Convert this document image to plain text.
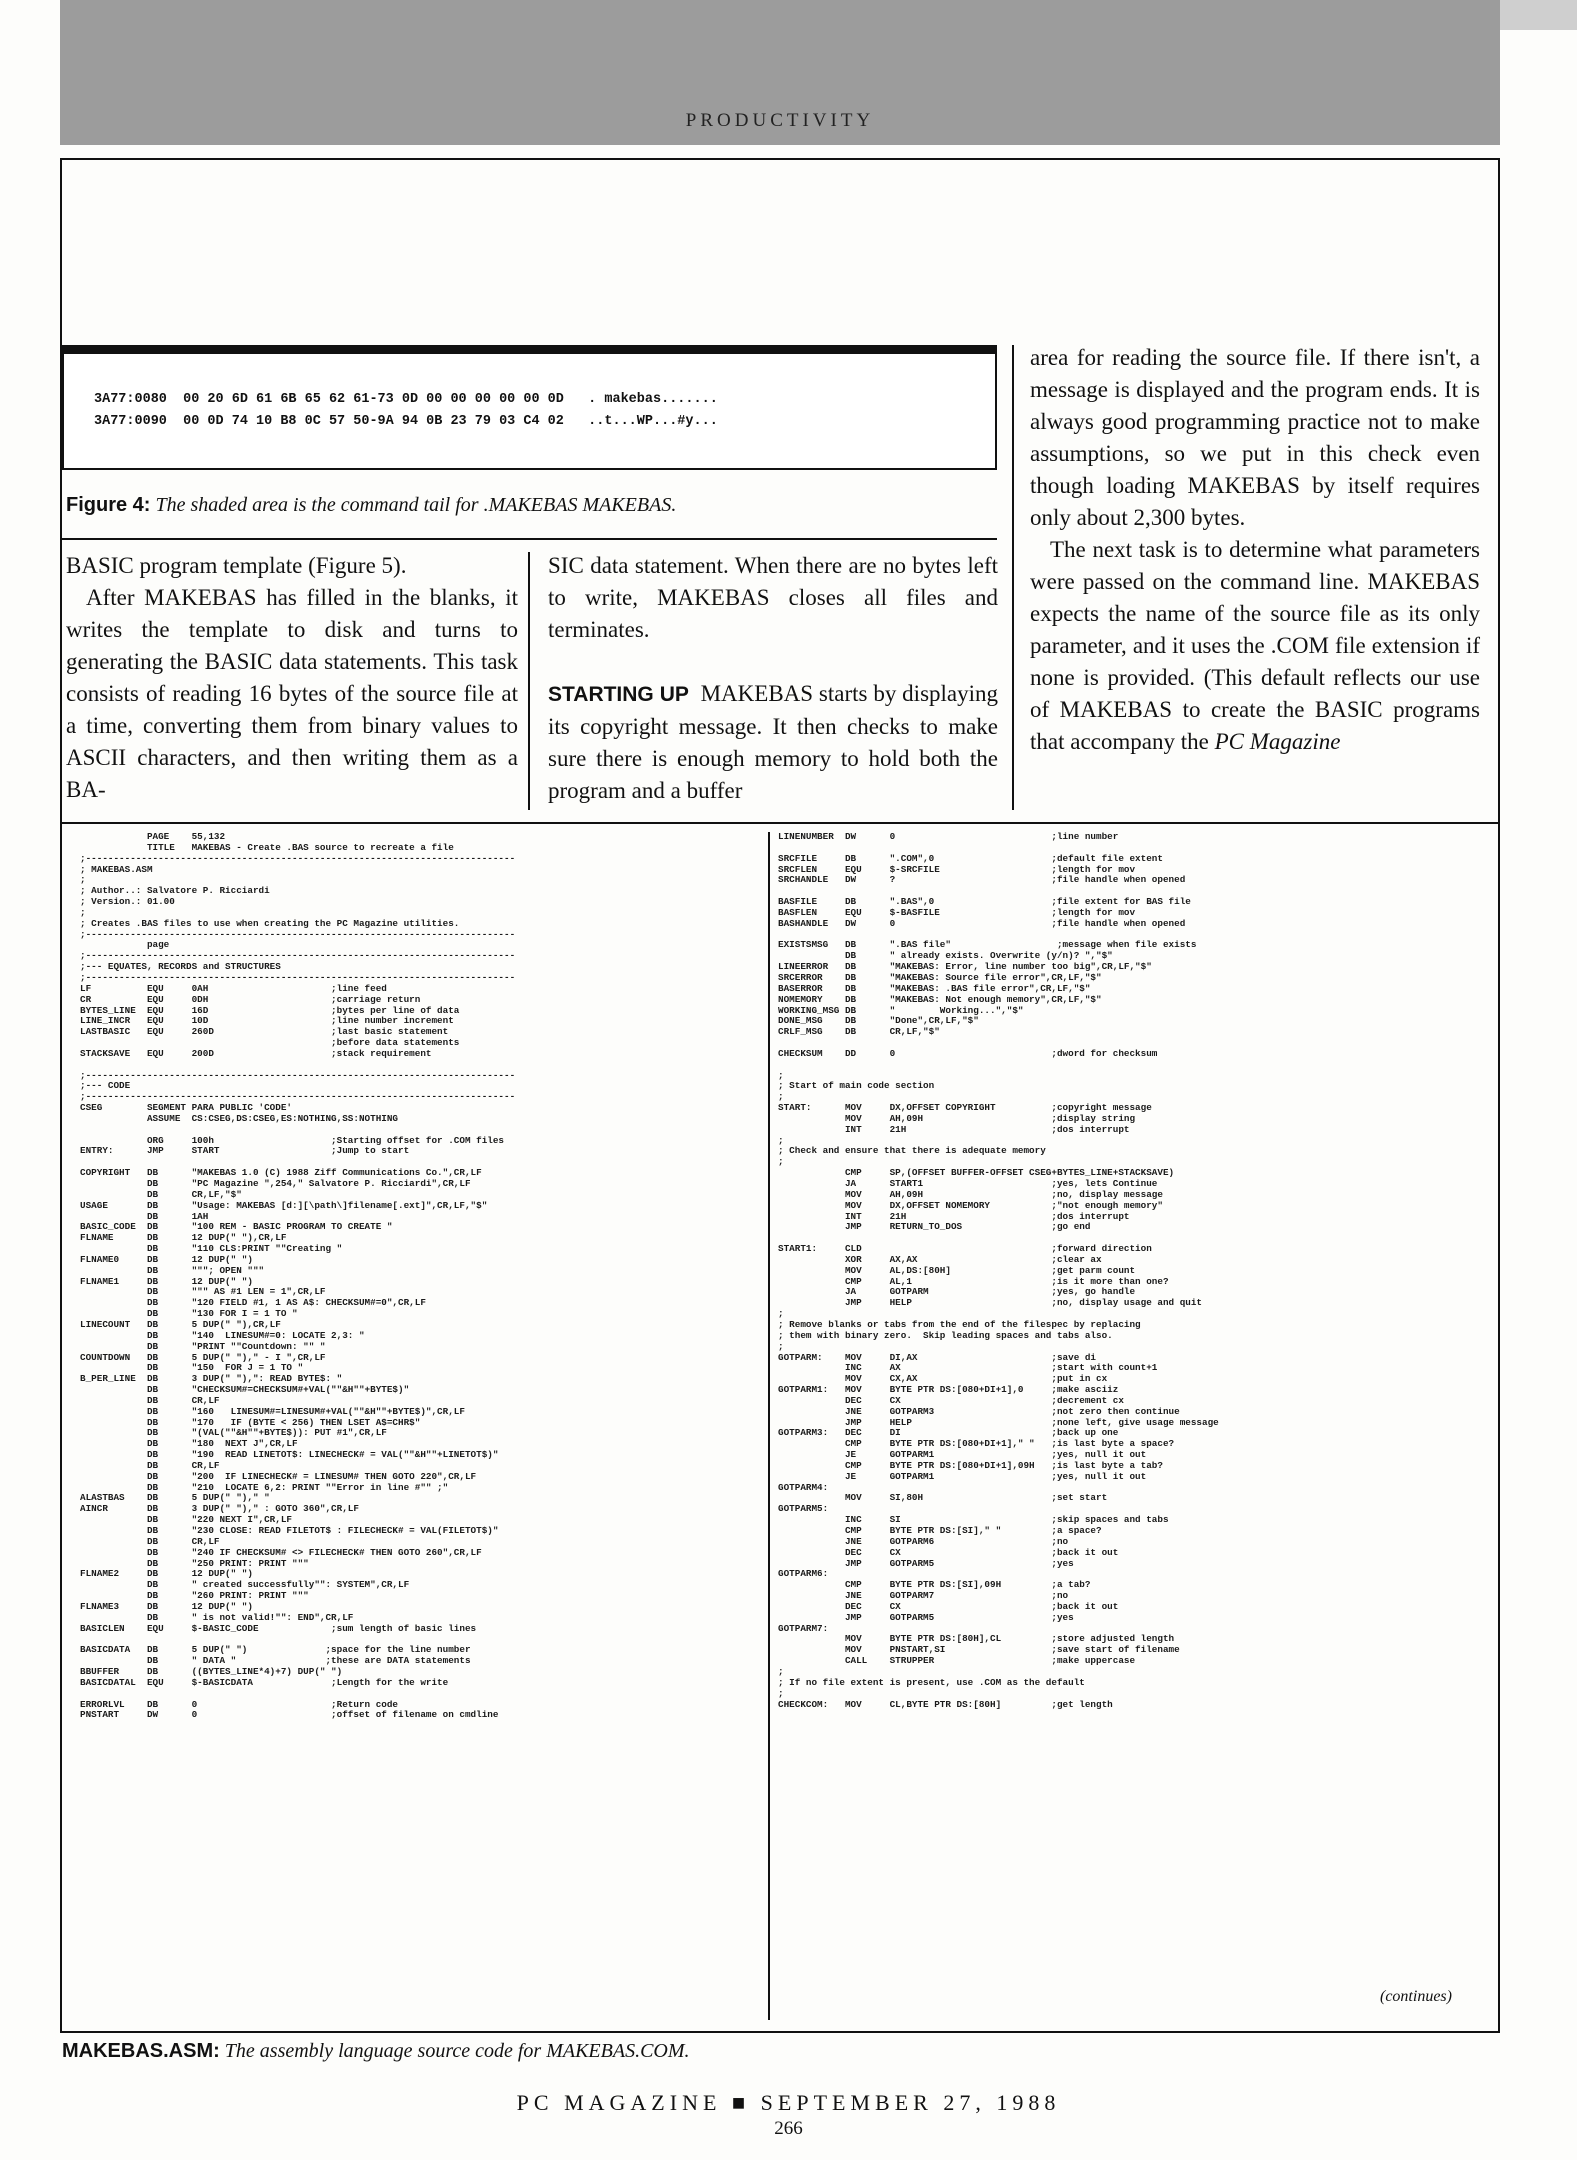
PRODUCTIVITY
3A77:0080  00 20 6D 61 6B 65 62 61-73 0D 00 00 00 00 00 0D   . makebas.......
3A77:0090  00 0D 74 10 B8 0C 57 50-9A 94 0B 23 79 03 C4 02   ..t...WP...#y...
Figure 4: The shaded area is the command tail for .MAKEBAS MAKEBAS.

BASIC program template (Figure 5).

After MAKEBAS has filled in the blanks, it writes the template to disk and turns to generating the BASIC data statements. This task consists of reading 16 bytes of the source file at a time, converting them from binary values to ASCII characters, and then writing them as a BA-

SIC data statement. When there are no bytes left to write, MAKEBAS closes all files and terminates.

STARTING UP MAKEBAS starts by displaying its copyright message. It then checks to make sure there is enough memory to hold both the program and a buffer

area for reading the source file. If there isn't, a message is displayed and the program ends. It is always good programming practice not to make assumptions, so we put in this check even though loading MAKEBAS by itself requires only about 2,300 bytes.

The next task is to determine what parameters were passed on the command line. MAKEBAS expects the name of the source file as its only parameter, and it uses the .COM file extension if none is provided. (This default reflects our use of MAKEBAS to create the BASIC programs that accompany the PC Magazine

PAGE    55,132
TITLE   MAKEBAS - Create .BAS source to recreate a file
;-----------------------------------------------------------------------------
; MAKEBAS.ASM
;
; Author..: Salvatore P. Ricciardi
; Version.: 01.00
;
; Creates .BAS files to use when creating the PC Magazine utilities.
;-----------------------------------------------------------------------------
page
;-----------------------------------------------------------------------------
;--- EQUATES, RECORDS and STRUCTURES
;-----------------------------------------------------------------------------
LF          EQU     0AH                      ;line feed
CR          EQU     0DH                      ;carriage return
BYTES_LINE  EQU     16D                      ;bytes per line of data
LINE_INCR   EQU     10D                      ;line number increment
LASTBASIC   EQU     260D                     ;last basic statement
;before data statements
STACKSAVE   EQU     200D                     ;stack requirement

;-----------------------------------------------------------------------------
;--- CODE
;-----------------------------------------------------------------------------
CSEG        SEGMENT PARA PUBLIC 'CODE'
ASSUME  CS:CSEG,DS:CSEG,ES:NOTHING,SS:NOTHING

ORG     100h                     ;Starting offset for .COM files
ENTRY:      JMP     START                    ;Jump to start

COPYRIGHT   DB      "MAKEBAS 1.0 (C) 1988 Ziff Communications Co.",CR,LF
DB      "PC Magazine ",254," Salvatore P. Ricciardi",CR,LF
DB      CR,LF,"$"
USAGE       DB      "Usage: MAKEBAS [d:][\path\]filename[.ext]",CR,LF,"$"
DB      1AH
BASIC_CODE  DB      "100 REM - BASIC PROGRAM TO CREATE "
FLNAME      DB      12 DUP(" "),CR,LF
DB      "110 CLS:PRINT ""Creating "
FLNAME0     DB      12 DUP(" ")
DB      """; OPEN """
FLNAME1     DB      12 DUP(" ")
DB      """ AS #1 LEN = 1",CR,LF
DB      "120 FIELD #1, 1 AS A$: CHECKSUM#=0",CR,LF
DB      "130 FOR I = 1 TO "
LINECOUNT   DB      5 DUP(" "),CR,LF
DB      "140  LINESUM#=0: LOCATE 2,3: "
DB      "PRINT ""Countdown: "" "
COUNTDOWN   DB      5 DUP(" ")," - I ",CR,LF
DB      "150  FOR J = 1 TO "
B_PER_LINE  DB      3 DUP(" "),": READ BYTE$: "
DB      "CHECKSUM#=CHECKSUM#+VAL(""&H""+BYTE$)"
DB      CR,LF
DB      "160   LINESUM#=LINESUM#+VAL(""&H""+BYTE$)",CR,LF
DB      "170   IF (BYTE < 256) THEN LSET A$=CHR$"
DB      "(VAL(""&H""+BYTE$)): PUT #1",CR,LF
DB      "180  NEXT J",CR,LF
DB      "190  READ LINETOT$: LINECHECK# = VAL(""&H""+LINETOT$)"
DB      CR,LF
DB      "200  IF LINECHECK# = LINESUM# THEN GOTO 220",CR,LF
DB      "210  LOCATE 6,2: PRINT ""Error in line #"" ;"
ALASTBAS    DB      5 DUP(" ")," "
AINCR       DB      3 DUP(" ")," : GOTO 360",CR,LF
DB      "220 NEXT I",CR,LF
DB      "230 CLOSE: READ FILETOT$ : FILECHECK# = VAL(FILETOT$)"
DB      CR,LF
DB      "240 IF CHECKSUM# <> FILECHECK# THEN GOTO 260",CR,LF
DB      "250 PRINT: PRINT """
FLNAME2     DB      12 DUP(" ")
DB      " created successfully"": SYSTEM",CR,LF
DB      "260 PRINT: PRINT """
FLNAME3     DB      12 DUP(" ")
DB      " is not valid!"": END",CR,LF
BASICLEN    EQU     $-BASIC_CODE             ;sum length of basic lines

BASICDATA   DB      5 DUP(" ")              ;space for the line number
DB      " DATA "                ;these are DATA statements
BBUFFER     DB      ((BYTES_LINE*4)+7) DUP(" ")
BASICDATAL  EQU     $-BASICDATA              ;Length for the write

ERRORLVL    DB      0                        ;Return code
PNSTART     DW      0                        ;offset of filename on cmdline
LINENUMBER  DW      0                            ;line number

SRCFILE     DB      ".COM",0                     ;default file extent
SRCFLEN     EQU     $-SRCFILE                    ;length for mov
SRCHANDLE   DW      ?                            ;file handle when opened

BASFILE     DB      ".BAS",0                     ;file extent for BAS file
BASFLEN     EQU     $-BASFILE                    ;length for mov
BASHANDLE   DW      0                            ;file handle when opened

EXISTSMSG   DB      ".BAS file"                   ;message when file exists
DB      " already exists. Overwrite (y/n)? ","$"
LINEERROR   DB      "MAKEBAS: Error, line number too big",CR,LF,"$"
SRCERROR    DB      "MAKEBAS: Source file error",CR,LF,"$"
BASERROR    DB      "MAKEBAS: .BAS file error",CR,LF,"$"
NOMEMORY    DB      "MAKEBAS: Not enough memory",CR,LF,"$"
WORKING_MSG DB      "        Working...","$"
DONE_MSG    DB      "Done",CR,LF,"$"
CRLF_MSG    DB      CR,LF,"$"

CHECKSUM    DD      0                            ;dword for checksum

;
; Start of main code section
;
START:      MOV     DX,OFFSET COPYRIGHT          ;copyright message
MOV     AH,09H                       ;display string
INT     21H                          ;dos interrupt
;
; Check and ensure that there is adequate memory
;
CMP     SP,(OFFSET BUFFER-OFFSET CSEG+BYTES_LINE+STACKSAVE)
JA      START1                       ;yes, lets Continue
MOV     AH,09H                       ;no, display message
MOV     DX,OFFSET NOMEMORY           ;"not enough memory"
INT     21H                          ;dos interrupt
JMP     RETURN_TO_DOS                ;go end

START1:     CLD                                  ;forward direction
XOR     AX,AX                        ;clear ax
MOV     AL,DS:[80H]                  ;get parm count
CMP     AL,1                         ;is it more than one?
JA      GOTPARM                      ;yes, go handle
JMP     HELP                         ;no, display usage and quit
;
; Remove blanks or tabs from the end of the filespec by replacing
; them with binary zero.  Skip leading spaces and tabs also.
;
GOTPARM:    MOV     DI,AX                        ;save di
INC     AX                           ;start with count+1
MOV     CX,AX                        ;put in cx
GOTPARM1:   MOV     BYTE PTR DS:[080+DI+1],0     ;make asciiz
DEC     CX                           ;decrement cx
JNE     GOTPARM3                     ;not zero then continue
JMP     HELP                         ;none left, give usage message
GOTPARM3:   DEC     DI                           ;back up one
CMP     BYTE PTR DS:[080+DI+1]," "   ;is last byte a space?
JE      GOTPARM1                     ;yes, null it out
CMP     BYTE PTR DS:[080+DI+1],09H   ;is last byte a tab?
JE      GOTPARM1                     ;yes, null it out
GOTPARM4:
MOV     SI,80H                       ;set start
GOTPARM5:
INC     SI                           ;skip spaces and tabs
CMP     BYTE PTR DS:[SI]," "         ;a space?
JNE     GOTPARM6                     ;no
DEC     CX                           ;back it out
JMP     GOTPARM5                     ;yes
GOTPARM6:
CMP     BYTE PTR DS:[SI],09H         ;a tab?
JNE     GOTPARM7                     ;no
DEC     CX                           ;back it out
JMP     GOTPARM5                     ;yes
GOTPARM7:
MOV     BYTE PTR DS:[80H],CL         ;store adjusted length
MOV     PNSTART,SI                   ;save start of filename
CALL    STRUPPER                     ;make uppercase
;
; If no file extent is present, use .COM as the default
;
CHECKCOM:   MOV     CL,BYTE PTR DS:[80H]         ;get length
(continues)
MAKEBAS.ASM: The assembly language source code for MAKEBAS.COM.
PC MAGAZINE ■ SEPTEMBER 27, 1988
266
